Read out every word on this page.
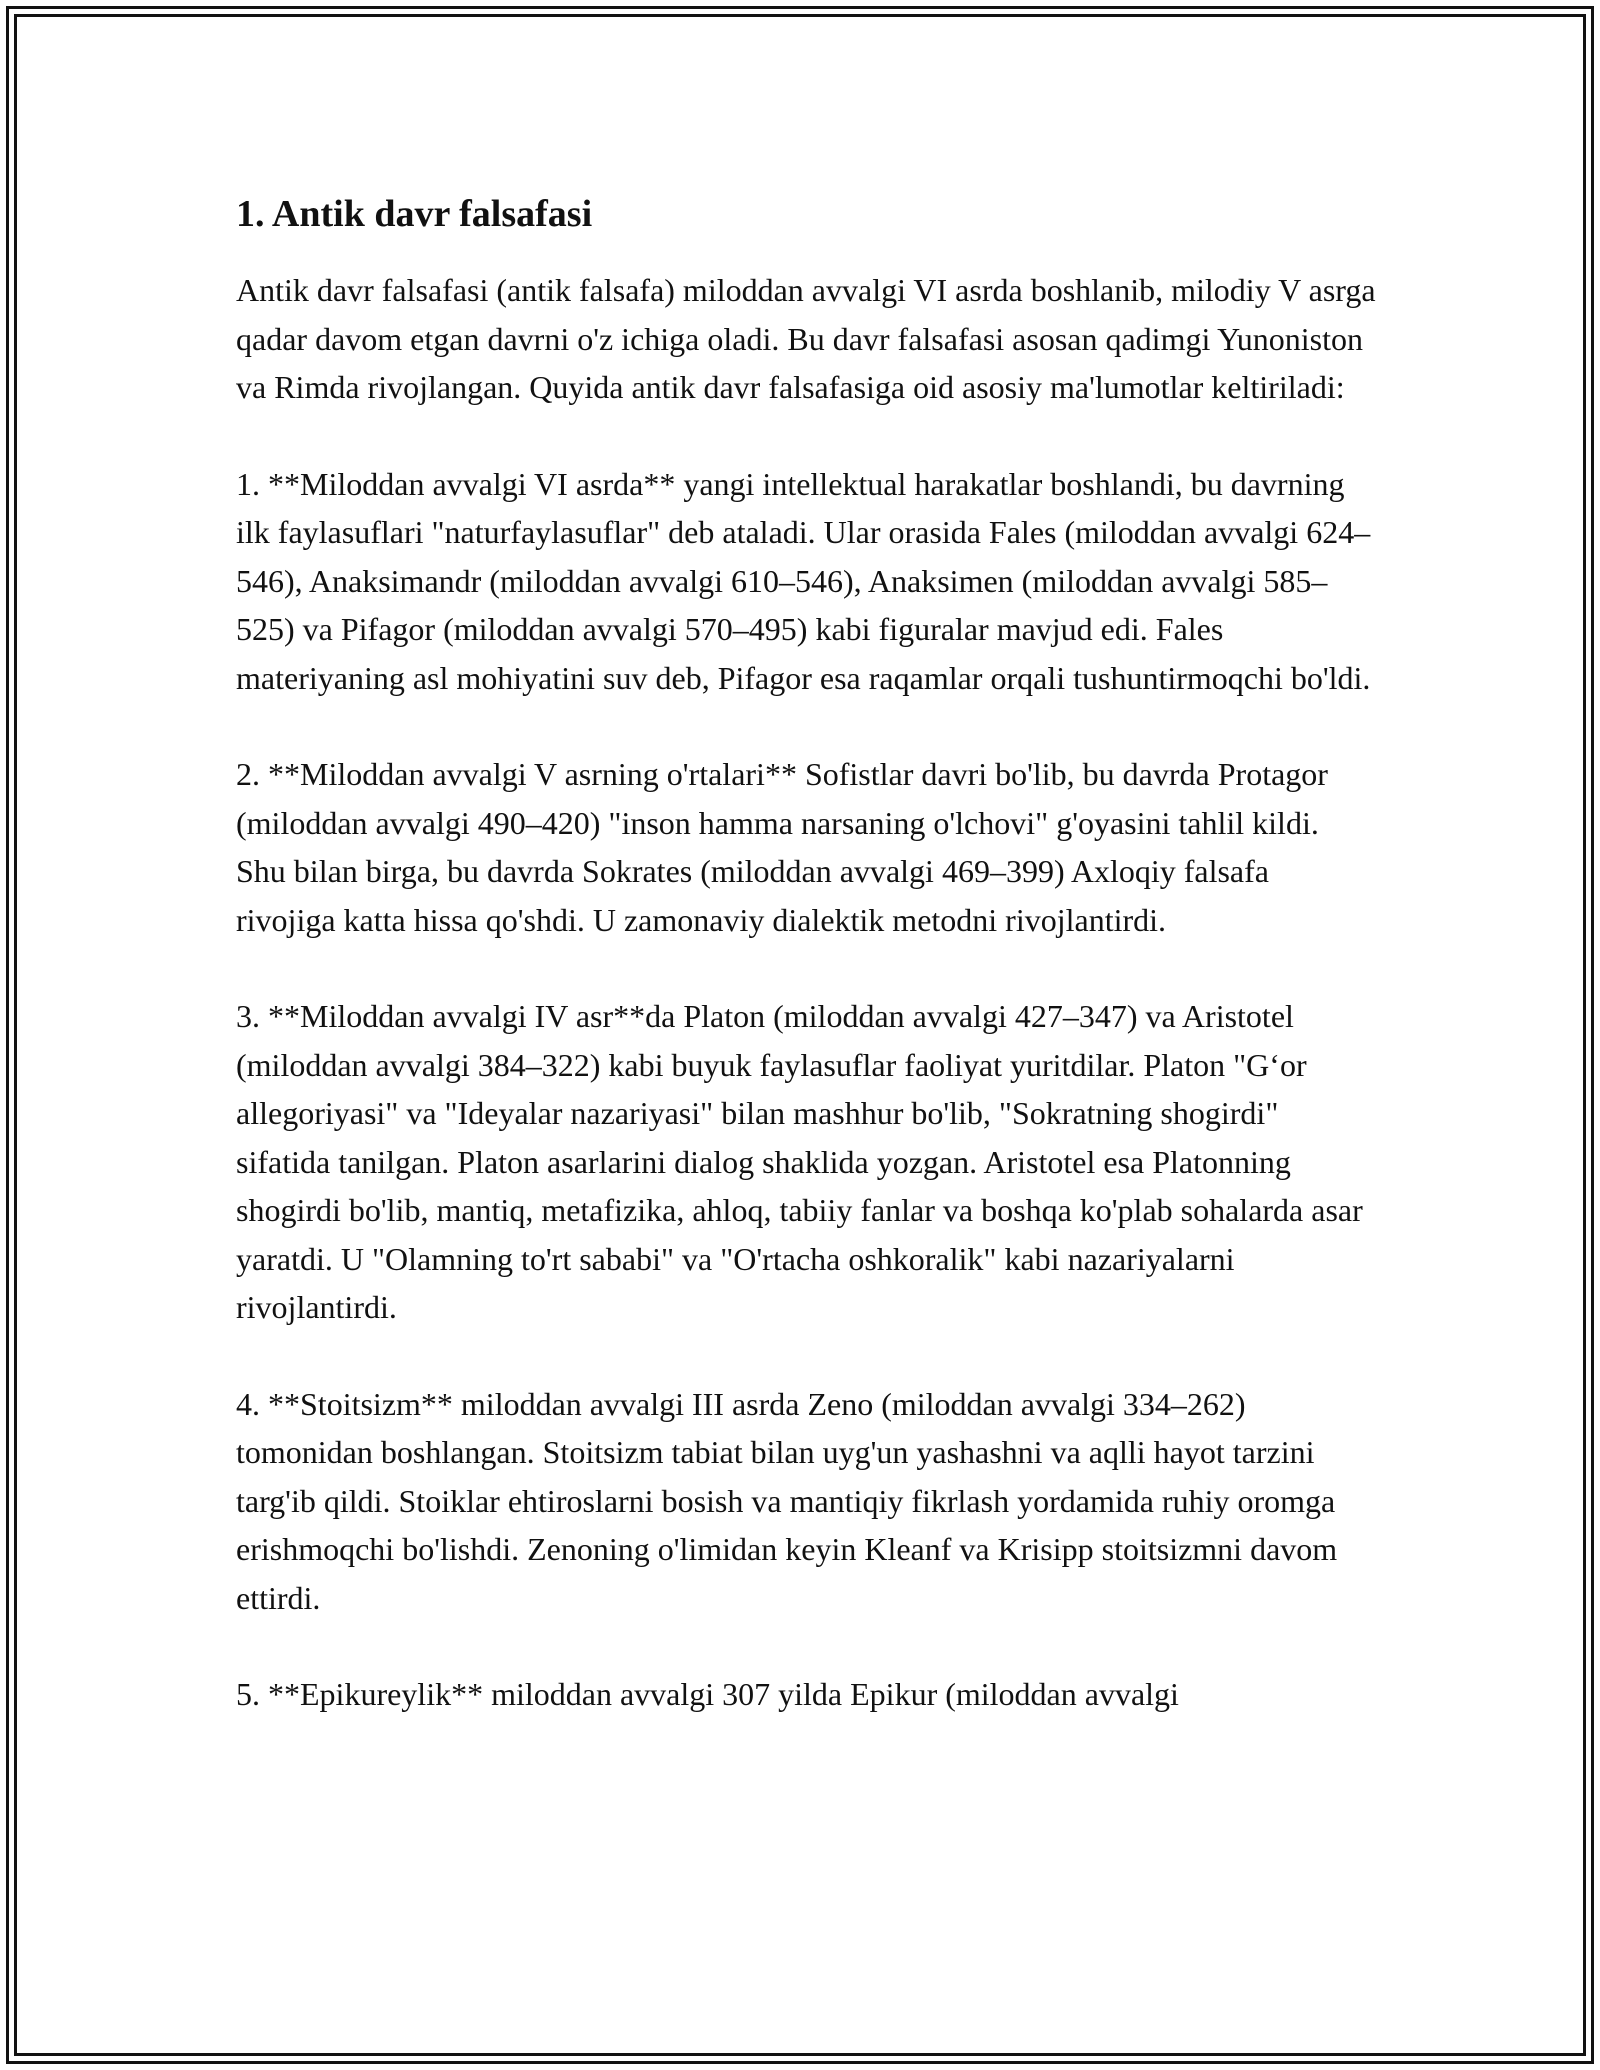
1. Antik davr falsafasi

Antik davr falsafasi (antik falsafa) miloddan avvalgi VI asrda boshlanib, milodiy V asrga qadar davom etgan davrni o'z ichiga oladi. Bu davr falsafasi asosan qadimgi Yunoniston va Rimda rivojlangan. Quyida antik davr falsafasiga oid asosiy ma'lumotlar keltiriladi:

1. **Miloddan avvalgi VI asrda** yangi intellektual harakatlar boshlandi, bu davrning ilk faylasuflari "naturfaylasuflar" deb ataladi. Ular orasida Fales (miloddan avvalgi 624–546), Anaksimandr (miloddan avvalgi 610–546), Anaksimen (miloddan avvalgi 585–525) va Pifagor (miloddan avvalgi 570–495) kabi figuralar mavjud edi. Fales materiyaning asl mohiyatini suv deb, Pifagor esa raqamlar orqali tushuntirmoqchi bo'ldi.

2. **Miloddan avvalgi V asrning o'rtalari** Sofistlar davri bo'lib, bu davrda Protagor (miloddan avvalgi 490–420) "inson hamma narsaning o'lchovi" g'oyasini tahlil kildi. Shu bilan birga, bu davrda Sokrates (miloddan avvalgi 469–399) Axloqiy falsafa rivojiga katta hissa qo'shdi. U zamonaviy dialektik metodni rivojlantirdi.

3. **Miloddan avvalgi IV asr**da Platon (miloddan avvalgi 427–347) va Aristotel (miloddan avvalgi 384–322) kabi buyuk faylasuflar faoliyat yuritdilar. Platon "G‘or allegoriyasi" va "Ideyalar nazariyasi" bilan mashhur bo'lib, "Sokratning shogirdi" sifatida tanilgan. Platon asarlarini dialog shaklida yozgan. Aristotel esa Platonning shogirdi bo'lib, mantiq, metafizika, ahloq, tabiiy fanlar va boshqa ko'plab sohalarda asar yaratdi. U "Olamning to'rt sababi" va "O'rtacha oshkoralik" kabi nazariyalarni rivojlantirdi.

4. **Stoitsizm** miloddan avvalgi III asrda Zeno (miloddan avvalgi 334–262) tomonidan boshlangan. Stoitsizm tabiat bilan uyg'un yashashni va aqlli hayot tarzini targ'ib qildi. Stoiklar ehtiroslarni bosish va mantiqiy fikrlash yordamida ruhiy oromga erishmoqchi bo'lishdi. Zenoning o'limidan keyin Kleanf va Krisipp stoitsizmni davom ettirdi.

5. **Epikureylik** miloddan avvalgi 307 yilda Epikur (miloddan avvalgi
